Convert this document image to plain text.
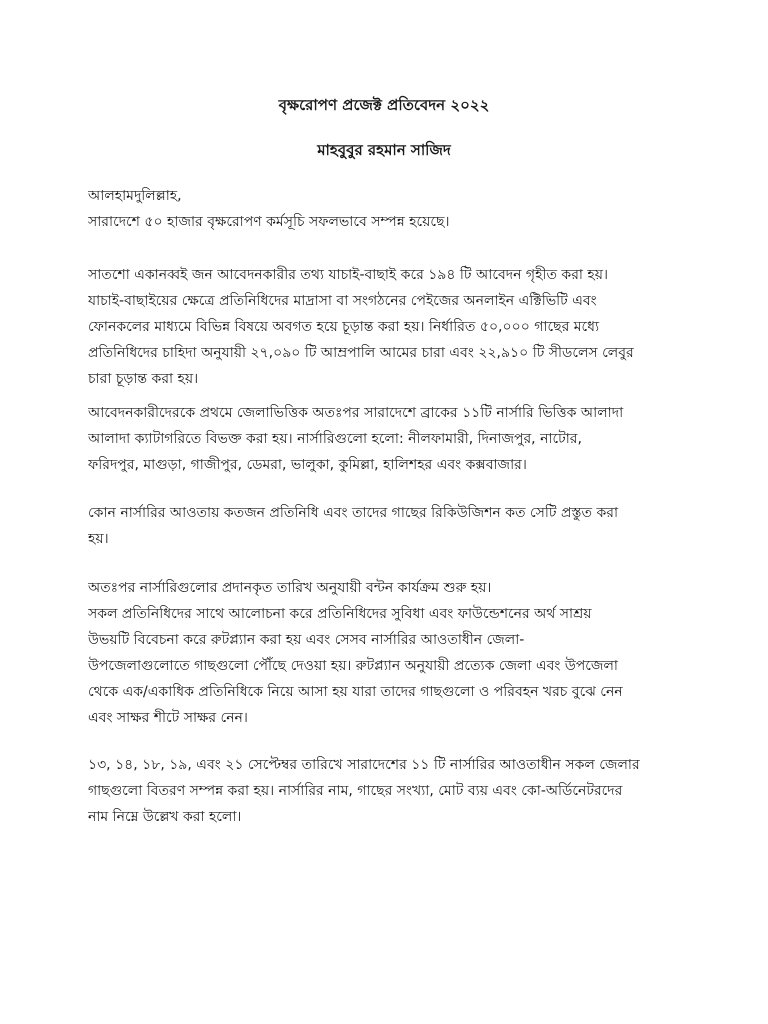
বৃক্ষরোপণ প্রজেক্ট প্রতিবেদন ২০২২
মাহবুবুর রহমান সাজিদ
আলহামদুলিল্লাহ,
সারাদেশে ৫০ হাজার বৃক্ষরোপণ কর্মসূচি সফলভাবে সম্পন্ন হয়েছে।
সাতশো একানব্বই জন আবেদনকারীর তথ্য যাচাই-বাছাই করে ১৯৪ টি আবেদন গৃহীত করা হয়।
যাচাই-বাছাইয়ের ক্ষেত্রে প্রতিনিধিদের মাদ্রাসা বা সংগঠনের পেইজের অনলাইন এক্টিভিটি এবং
ফোনকলের মাধ্যমে বিভিন্ন বিষয়ে অবগত হয়ে চূড়ান্ত করা হয়। নির্ধারিত ৫০,০০০ গাছের মধ্যে
প্রতিনিধিদের চাহিদা অনুযায়ী ২৭,০৯০ টি আম্রপালি আমের চারা এবং ২২,৯১০ টি সীডলেস লেবুর
চারা চূড়ান্ত করা হয়।
আবেদনকারীদেরকে প্রথমে জেলাভিত্তিক অতঃপর সারাদেশে ব্রাকের ১১টি নার্সারি ভিত্তিক আলাদা
আলাদা ক্যাটাগরিতে বিভক্ত করা হয়। নার্সারিগুলো হলো: নীলফামারী, দিনাজপুর, নাটোর,
ফরিদপুর, মাগুড়া, গাজীপুর, ডেমরা, ভালুকা, কুমিল্লা, হালিশহর এবং কক্সবাজার।
কোন নার্সারির আওতায় কতজন প্রতিনিধি এবং তাদের গাছের রিকিউজিশন কত সেটি প্রস্তুত করা
হয়।
অতঃপর নার্সারিগুলোর প্রদানকৃত তারিখ অনুযায়ী বন্টন কার্যক্রম শুরু হয়।
সকল প্রতিনিধিদের সাথে আলোচনা করে প্রতিনিধিদের সুবিধা এবং ফাউন্ডেশনের অর্থ সাশ্রয়
উভয়টি বিবেচনা করে রুটপ্ল্যান করা হয় এবং সেসব নার্সারির আওতাধীন জেলা-
উপজেলাগুলোতে গাছগুলো পৌঁছে দেওয়া হয়। রুটপ্ল্যান অনুযায়ী প্রত্যেক জেলা এবং উপজেলা
থেকে এক/একাধিক প্রতিনিধিকে নিয়ে আসা হয় যারা তাদের গাছগুলো ও পরিবহন খরচ বুঝে নেন
এবং সাক্ষর শীটে সাক্ষর নেন।
১৩, ১৪, ১৮, ১৯, এবং ২১ সেপ্টেম্বর তারিখে সারাদেশের ১১ টি নার্সারির আওতাধীন সকল জেলার
গাছগুলো বিতরণ সম্পন্ন করা হয়। নার্সারির নাম, গাছের সংখ্যা, মোট ব্যয় এবং কো-অর্ডিনেটরদের
নাম নিম্নে উল্লেখ করা হলো।
